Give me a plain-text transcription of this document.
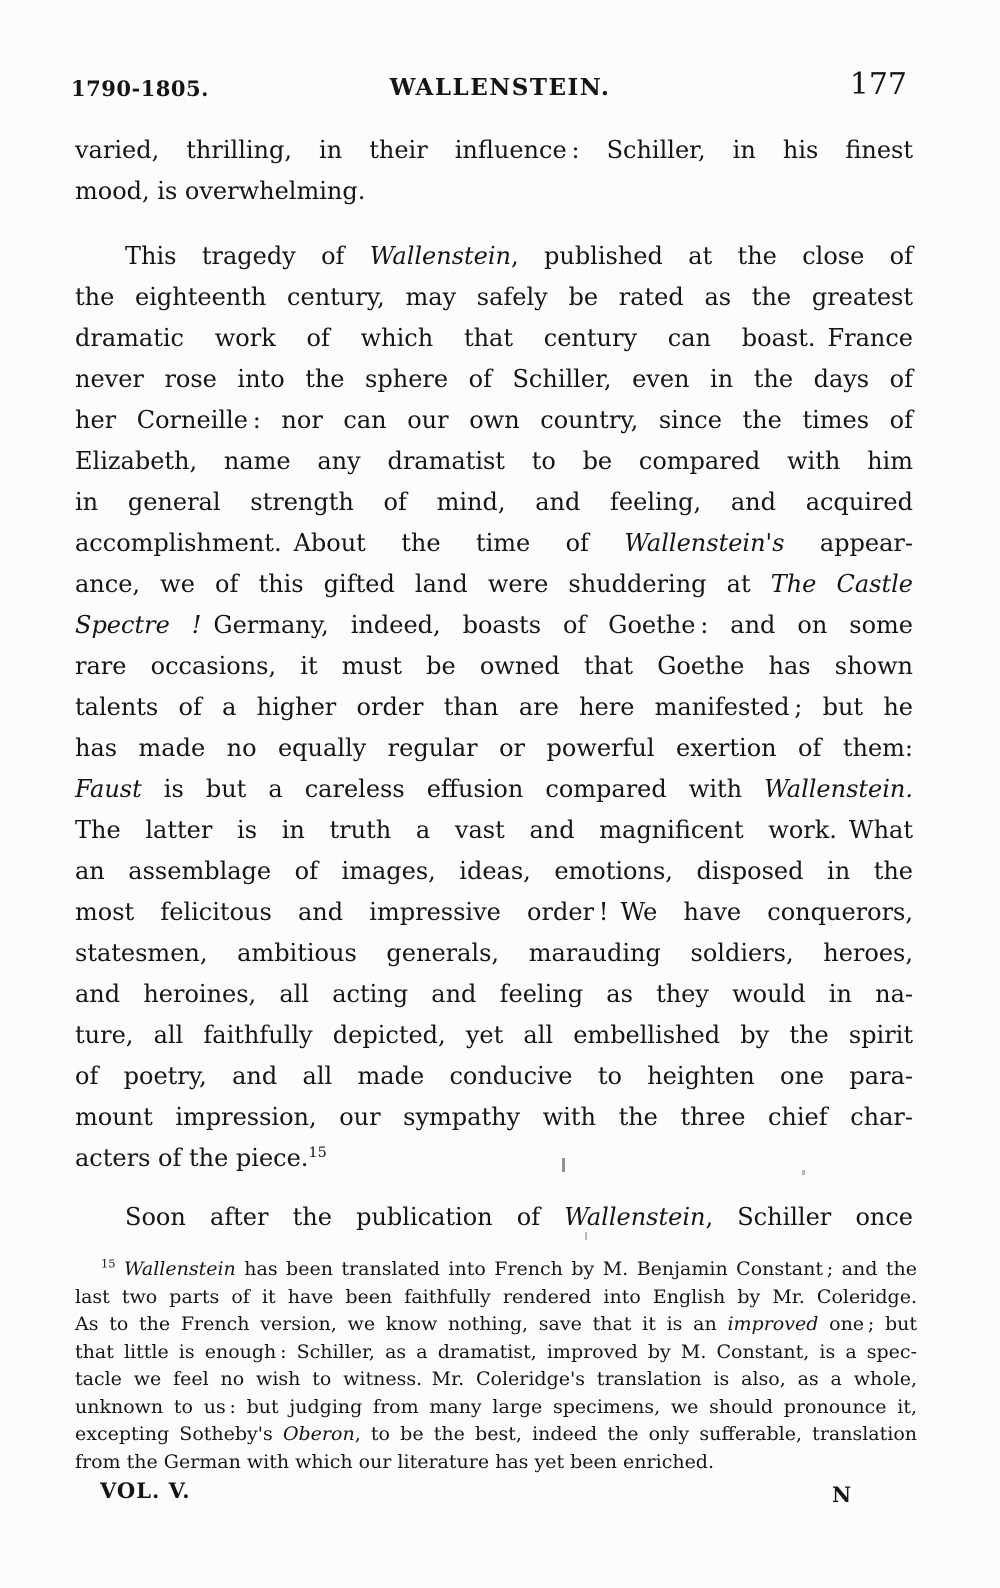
1790-1805.	WALLENSTEIN.	177
varied, thrilling, in their influence : Schiller, in his finest
mood, is overwhelming.
This tragedy of Wallenstein, published at the close of
the eighteenth century, may safely be rated as the greatest
dramatic work of which that century can boast. France
never rose into the sphere of Schiller, even in the days of
her Corneille : nor can our own country, since the times of
Elizabeth, name any dramatist to be compared with him
in general strength of mind, and feeling, and acquired
accomplishment. About the time of Wallenstein's appear-
ance, we of this gifted land were shuddering at The Castle
Spectre ! Germany, indeed, boasts of Goethe : and on some
rare occasions, it must be owned that Goethe has shown
talents of a higher order than are here manifested ; but he
has made no equally regular or powerful exertion of them:
Faust is but a careless effusion compared with Wallenstein.
The latter is in truth a vast and magnificent work. What
an assemblage of images, ideas, emotions, disposed in the
most felicitous and impressive order ! We have conquerors,
statesmen, ambitious generals, marauding soldiers, heroes,
and heroines, all acting and feeling as they would in na-
ture, all faithfully depicted, yet all embellished by the spirit
of poetry, and all made conducive to heighten one para-
mount impression, our sympathy with the three chief char-
acters of the piece.$^{15}$
Soon after the publication of Wallenstein, Schiller once
$^{15}$ Wallenstein has been translated into French by M. Benjamin Constant ; and the
last two parts of it have been faithfully rendered into English by Mr. Coleridge.
As to the French version, we know nothing, save that it is an improved one ; but
that little is enough : Schiller, as a dramatist, improved by M. Constant, is a spec-
tacle we feel no wish to witness. Mr. Coleridge's translation is also, as a whole,
unknown to us : but judging from many large specimens, we should pronounce it,
excepting Sotheby's Oberon, to be the best, indeed the only sufferable, translation
from the German with which our literature has yet been enriched.
VOL. V.	N
